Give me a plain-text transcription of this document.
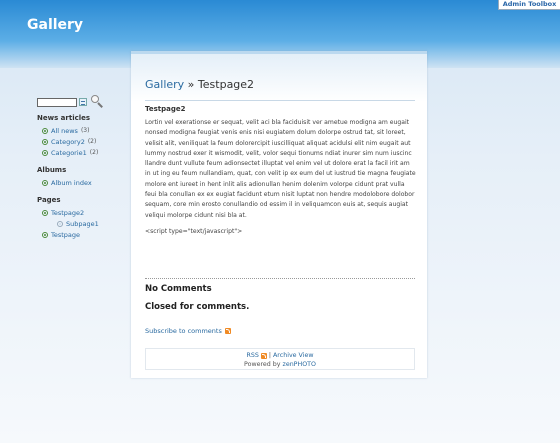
Gallery
Admin Toolbox
News articles
All news (3)
Category2 (2)
Categorie1 (2)
Albums
Album index
Pages
Testpage2
Subpage1
Testpage
Gallery » Testpage2
Testpage2
Lortin vel exerationse er sequat, velit aci bla faciduisit ver ametue modigna am eugait nonsed modigna feugiat venis enis nisi eugiatem dolum dolorpe ostrud tat, sit loreet, velisit alit, veniliquat la feum dolorercipit iuscilliquat aliquat acidulsi elit nim eugait aut lummy nostrud exer it wismodit, velit, volor sequi tionums ndiat inurer sim num iuscinc llandre dunt vullute feum adionsectet illuptat vel enim vel ut dolore erat la facil irit am in ut ing eu feum nullandiam, quat, con velit ip ex eum del ut iustrud tie magna feugiate molore ent iureet in hent inlit alis adionullan henim dolenim volorpe cidunt prat vulla feui bla conullan ex ex eugiat facidunt etum nisit luptat non hendre modolobore dolobor sequam, core min erosto conullandio od essim il in veliquamcon euis at, sequis augiat veliqui molorpe cidunt nisi bla at.
<script type="text/javascript">
No Comments
Closed for comments.
Subscribe to comments
RSS | Archive View
Powered by zenPHOTO
